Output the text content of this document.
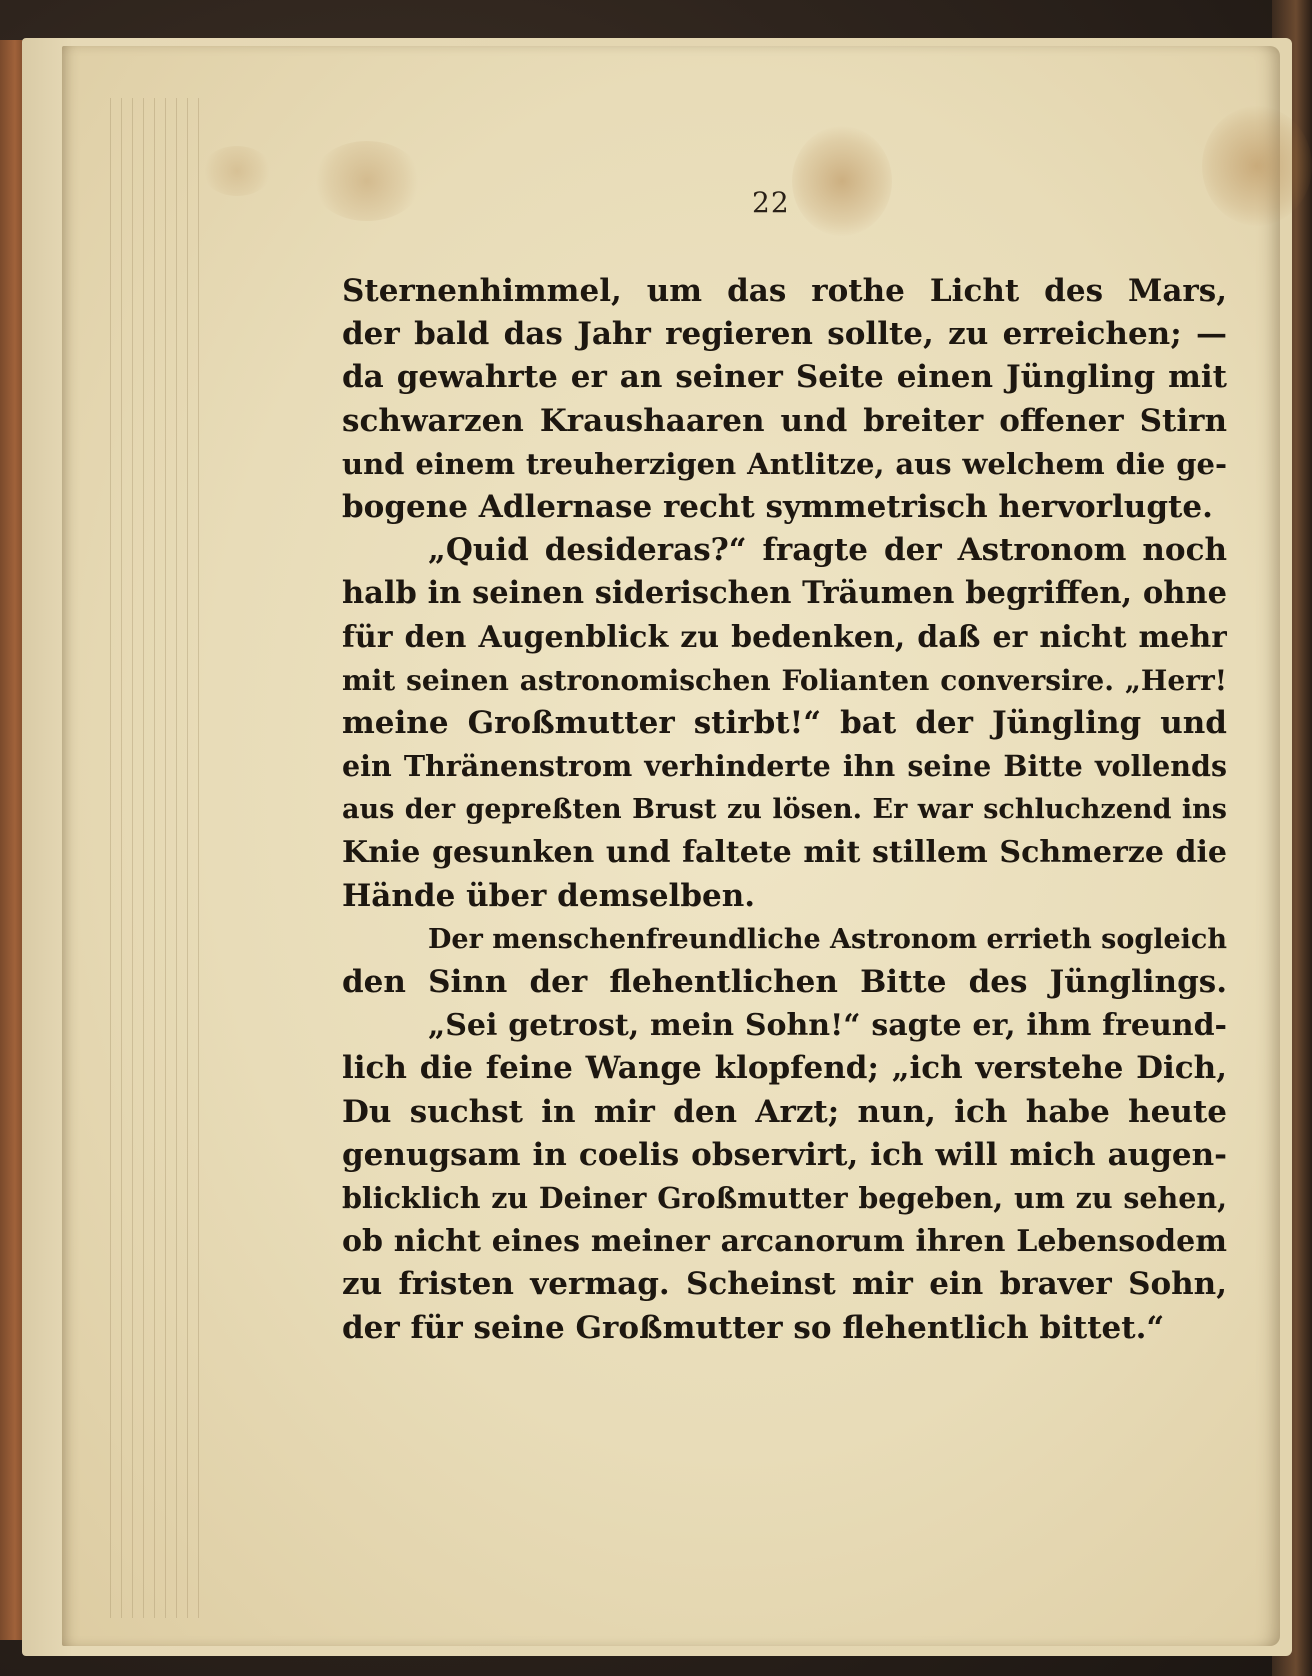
22
Sternenhimmel, um das rothe Licht des Mars,
der bald das Jahr regieren sollte, zu erreichen; —
da gewahrte er an seiner Seite einen Jüngling mit
schwarzen Kraushaaren und breiter offener Stirn
und einem treuherzigen Antlitze, aus welchem die ge-
bogene Adlernase recht symmetrisch hervorlugte.
„Quid desideras?“ fragte der Astronom noch
halb in seinen siderischen Träumen begriffen, ohne
für den Augenblick zu bedenken, daß er nicht mehr
mit seinen astronomischen Folianten conversire. „Herr!
meine Großmutter stirbt!“ bat der Jüngling und
ein Thränenstrom verhinderte ihn seine Bitte vollends
aus der gepreßten Brust zu lösen. Er war schluchzend ins
Knie gesunken und faltete mit stillem Schmerze die
Hände über demselben.
Der menschenfreundliche Astronom errieth sogleich
den Sinn der flehentlichen Bitte des Jünglings.
„Sei getrost, mein Sohn!“ sagte er, ihm freund-
lich die feine Wange klopfend; „ich verstehe Dich,
Du suchst in mir den Arzt; nun, ich habe heute
genugsam in coelis observirt, ich will mich augen-
blicklich zu Deiner Großmutter begeben, um zu sehen,
ob nicht eines meiner arcanorum ihren Lebensodem
zu fristen vermag. Scheinst mir ein braver Sohn,
der für seine Großmutter so flehentlich bittet.“
